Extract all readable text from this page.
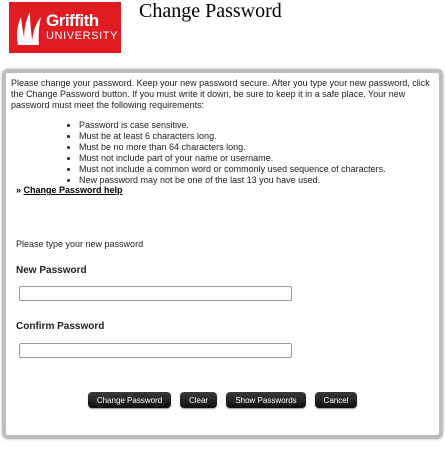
Griffith
UNIVERSITY
Change Password

Please change your password. Keep your new password secure. After you type your new password, click the Change Password button. If you must write it down, be sure to keep it in a safe place. Your new password must meet the following requirements:

• Password is case sensitive.
• Must be at least 6 characters long.
• Must be no more than 64 characters long.
• Must not include part of your name or username.
• Must not include a common word or commonly used sequence of characters.
• New password may not be one of the last 13 you have used.
» Change Password help
Please type your new password
New Password
Confirm Password
Change Password	Clear	Show Passwords	Cancel
